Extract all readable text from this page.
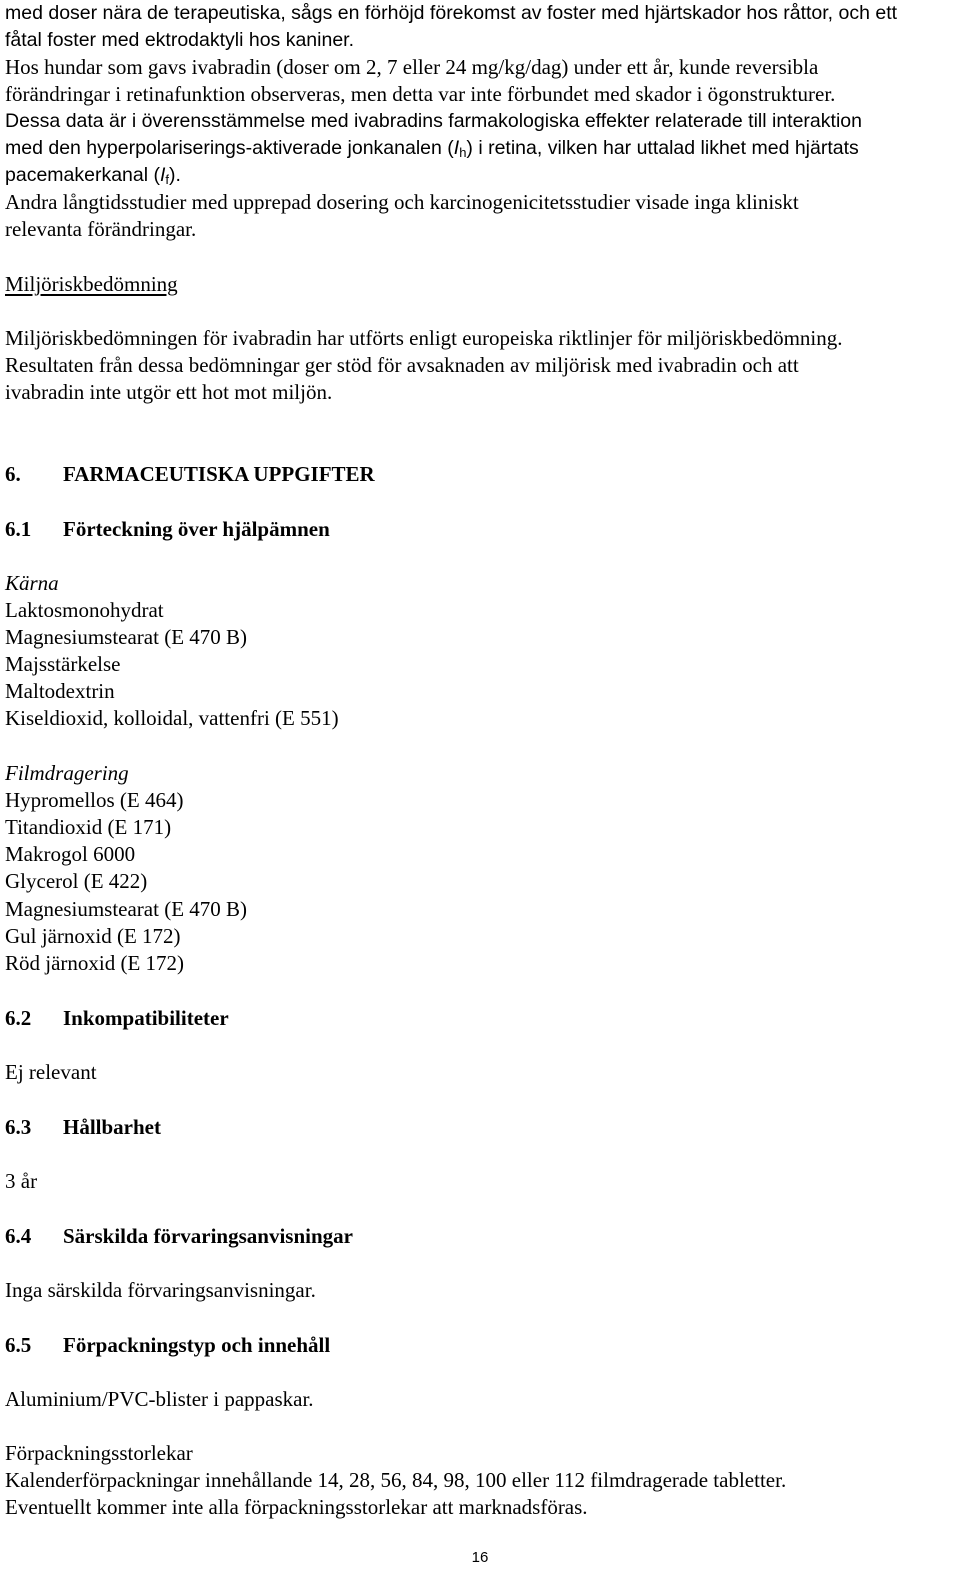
med doser nära de terapeutiska, sågs en förhöjd förekomst av foster med hjärtskador hos råttor, och ett
fåtal foster med ektrodaktyli hos kaniner.
Hos hundar som gavs ivabradin (doser om 2, 7 eller 24 mg/kg/dag) under ett år, kunde reversibla
förändringar i retinafunktion observeras, men detta var inte förbundet med skador i ögonstrukturer.
Dessa data är i överensstämmelse med ivabradins farmakologiska effekter relaterade till interaktion
med den hyperpolariserings-aktiverade jonkanalen $(I_h)$ i retina, vilken har uttalad likhet med hjärtats
pacemakerkanal $(I_f)$.
Andra långtidsstudier med upprepad dosering och karcinogenicitetsstudier visade inga kliniskt
relevanta förändringar.
Miljöriskbedömning
Miljöriskbedömningen för ivabradin har utförts enligt europeiska riktlinjer för miljöriskbedömning.
Resultaten från dessa bedömningar ger stöd för avsaknaden av miljörisk med ivabradin och att
ivabradin inte utgör ett hot mot miljön.
6. FARMACEUTISKA UPPGIFTER
6.1 Förteckning över hjälpämnen
Kärna
Laktosmonohydrat
Magnesiumstearat (E 470 B)
Majsstärkelse
Maltodextrin
Kiseldioxid, kolloidal, vattenfri (E 551)
Filmdragering
Hypromellos (E 464)
Titandioxid (E 171)
Makrogol 6000
Glycerol (E 422)
Magnesiumstearat (E 470 B)
Gul järnoxid (E 172)
Röd järnoxid (E 172)
6.2 Inkompatibiliteter
Ej relevant
6.3 Hållbarhet
3 år
6.4 Särskilda förvaringsanvisningar
Inga särskilda förvaringsanvisningar.
6.5 Förpackningstyp och innehåll
Aluminium/PVC-blister i pappaskar.
Förpackningsstorlekar
Kalenderförpackningar innehållande 14, 28, 56, 84, 98, 100 eller 112 filmdragerade tabletter.
Eventuellt kommer inte alla förpackningsstorlekar att marknadsföras.
16
